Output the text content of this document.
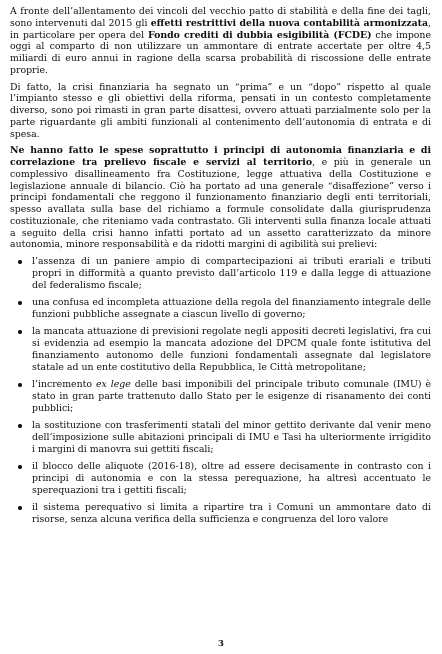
A fronte dell’allentamento dei vincoli del vecchio patto di stabilità e della fine dei tagli, sono intervenuti dal 2015 gli effetti restrittivi della nuova contabilità armonizzata, in particolare per opera del Fondo crediti di dubbia esigibilità (FCDE) che impone oggi al comparto di non utilizzare un ammontare di entrate accertate per oltre 4,5 miliardi di euro annui in ragione della scarsa probabilità di riscossione delle entrate proprie.

Di fatto, la crisi finanziaria ha segnato un “prima” e un “dopo” rispetto al quale l’impianto stesso e gli obiettivi della riforma, pensati in un contesto completamente diverso, sono poi rimasti in gran parte disattesi, ovvero attuati parzialmente solo per la parte riguardante gli ambiti funzionali al contenimento dell’autonomia di entrata e di spesa.

Ne hanno fatto le spese soprattutto i principi di autonomia finanziaria e di correlazione tra prelievo fiscale e servizi al territorio, e più in generale un complessivo disallineamento fra Costituzione, legge attuativa della Costituzione e legislazione annuale di bilancio. Ciò ha portato ad una generale “disaffezione” verso i principi fondamentali che reggono il funzionamento finanziario degli enti territoriali, spesso avallata sulla base del richiamo a formule consolidate dalla giurisprudenza costituzionale, che riteniamo vada contrastato. Gli interventi sulla finanza locale attuati a seguito della crisi hanno infatti portato ad un assetto caratterizzato da minore autonomia, minore responsabilità e da ridotti margini di agibilità sui prelievi:

l’assenza di un paniere ampio di compartecipazioni ai tributi erariali e tributi propri in difformità a quanto previsto dall’articolo 119 e dalla legge di attuazione del federalismo fiscale;
una confusa ed incompleta attuazione della regola del finanziamento integrale delle funzioni pubbliche assegnate a ciascun livello di governo;
la mancata attuazione di previsioni regolate negli appositi decreti legislativi, fra cui si evidenzia ad esempio la mancata adozione del DPCM quale fonte istitutiva del finanziamento autonomo delle funzioni fondamentali assegnate dal legislatore statale ad un ente costitutivo della Repubblica, le Città metropolitane;
l’incremento ex lege delle basi imponibili del principale tributo comunale (IMU) è stato in gran parte trattenuto dallo Stato per le esigenze di risanamento dei conti pubblici;
la sostituzione con trasferimenti statali del minor gettito derivante dal venir meno dell’imposizione sulle abitazioni principali di IMU e Tasi ha ulteriormente irrigidito i margini di manovra sui gettiti fiscali;
il blocco delle aliquote (2016-18), oltre ad essere decisamente in contrasto con i principi di autonomia e con la stessa perequazione, ha altresì accentuato le sperequazioni tra i gettiti fiscali;
il sistema perequativo si limita a ripartire tra i Comuni un ammontare dato di risorse, senza alcuna verifica della sufficienza e congruenza del loro valore
3
